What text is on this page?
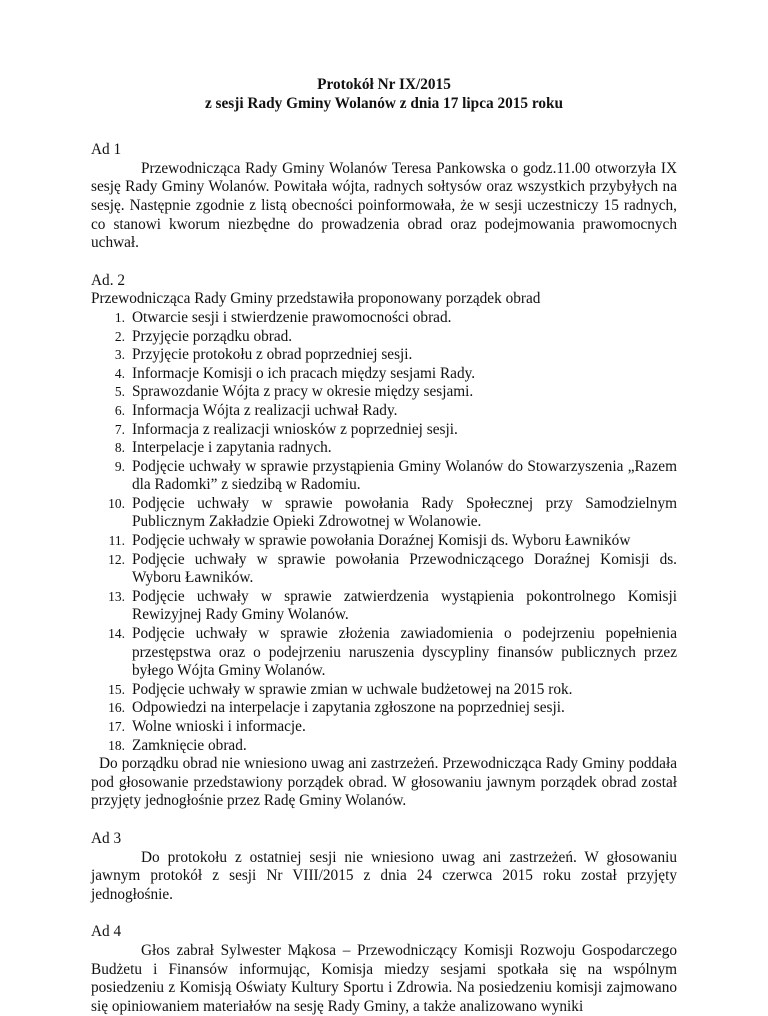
Protokół Nr IX/2015
z sesji Rady Gminy Wolanów z dnia 17 lipca 2015 roku
Ad 1
Przewodnicząca Rady Gminy Wolanów Teresa Pankowska o godz.11.00 otworzyła IX sesję Rady Gminy Wolanów. Powitała wójta, radnych sołtysów oraz wszystkich przybyłych na sesję. Następnie zgodnie z listą obecności poinformowała, że w sesji uczestniczy 15 radnych, co stanowi kworum niezbędne do prowadzenia obrad oraz podejmowania prawomocnych uchwał.
Ad. 2
Przewodnicząca Rady Gminy przedstawiła proponowany porządek obrad
1. Otwarcie sesji i stwierdzenie prawomocności obrad.
2. Przyjęcie porządku obrad.
3. Przyjęcie protokołu z obrad poprzedniej sesji.
4. Informacje Komisji o ich pracach między sesjami Rady.
5. Sprawozdanie Wójta z pracy w okresie między sesjami.
6. Informacja Wójta z realizacji uchwał Rady.
7. Informacja z realizacji wniosków z poprzedniej sesji.
8. Interpelacje i zapytania radnych.
9. Podjęcie uchwały w sprawie przystąpienia Gminy Wolanów do Stowarzyszenia „Razem dla Radomki” z siedzibą w Radomiu.
10. Podjęcie uchwały w sprawie powołania Rady Społecznej przy Samodzielnym Publicznym Zakładzie Opieki Zdrowotnej w Wolanowie.
11. Podjęcie uchwały w sprawie powołania Doraźnej Komisji ds. Wyboru Ławników
12. Podjęcie uchwały w sprawie powołania Przewodniczącego Doraźnej Komisji ds. Wyboru Ławników.
13. Podjęcie uchwały w sprawie zatwierdzenia wystąpienia pokontrolnego Komisji Rewizyjnej Rady Gminy Wolanów.
14. Podjęcie uchwały w sprawie złożenia zawiadomienia o podejrzeniu popełnienia przestępstwa oraz o podejrzeniu naruszenia dyscypliny finansów publicznych przez byłego Wójta Gminy Wolanów.
15. Podjęcie uchwały w sprawie zmian w uchwale budżetowej na 2015 rok.
16. Odpowiedzi na interpelacje i zapytania zgłoszone na poprzedniej sesji.
17. Wolne wnioski i informacje.
18. Zamknięcie obrad.
Do porządku obrad nie wniesiono uwag ani zastrzeżeń. Przewodnicząca Rady Gminy poddała pod głosowanie przedstawiony porządek obrad. W głosowaniu jawnym porządek obrad został przyjęty jednogłośnie przez Radę Gminy Wolanów.
Ad 3
Do protokołu z ostatniej sesji nie wniesiono uwag ani zastrzeżeń. W głosowaniu jawnym protokół z sesji Nr VIII/2015 z dnia 24 czerwca 2015 roku został przyjęty jednogłośnie.
Ad 4
Głos zabrał Sylwester Mąkosa – Przewodniczący Komisji Rozwoju Gospodarczego Budżetu i Finansów informując, Komisja miedzy sesjami spotkała się na wspólnym posiedzeniu z Komisją Oświaty Kultury Sportu i Zdrowia. Na posiedzeniu komisji zajmowano się opiniowaniem materiałów na sesję Rady Gminy, a także analizowano wyniki
